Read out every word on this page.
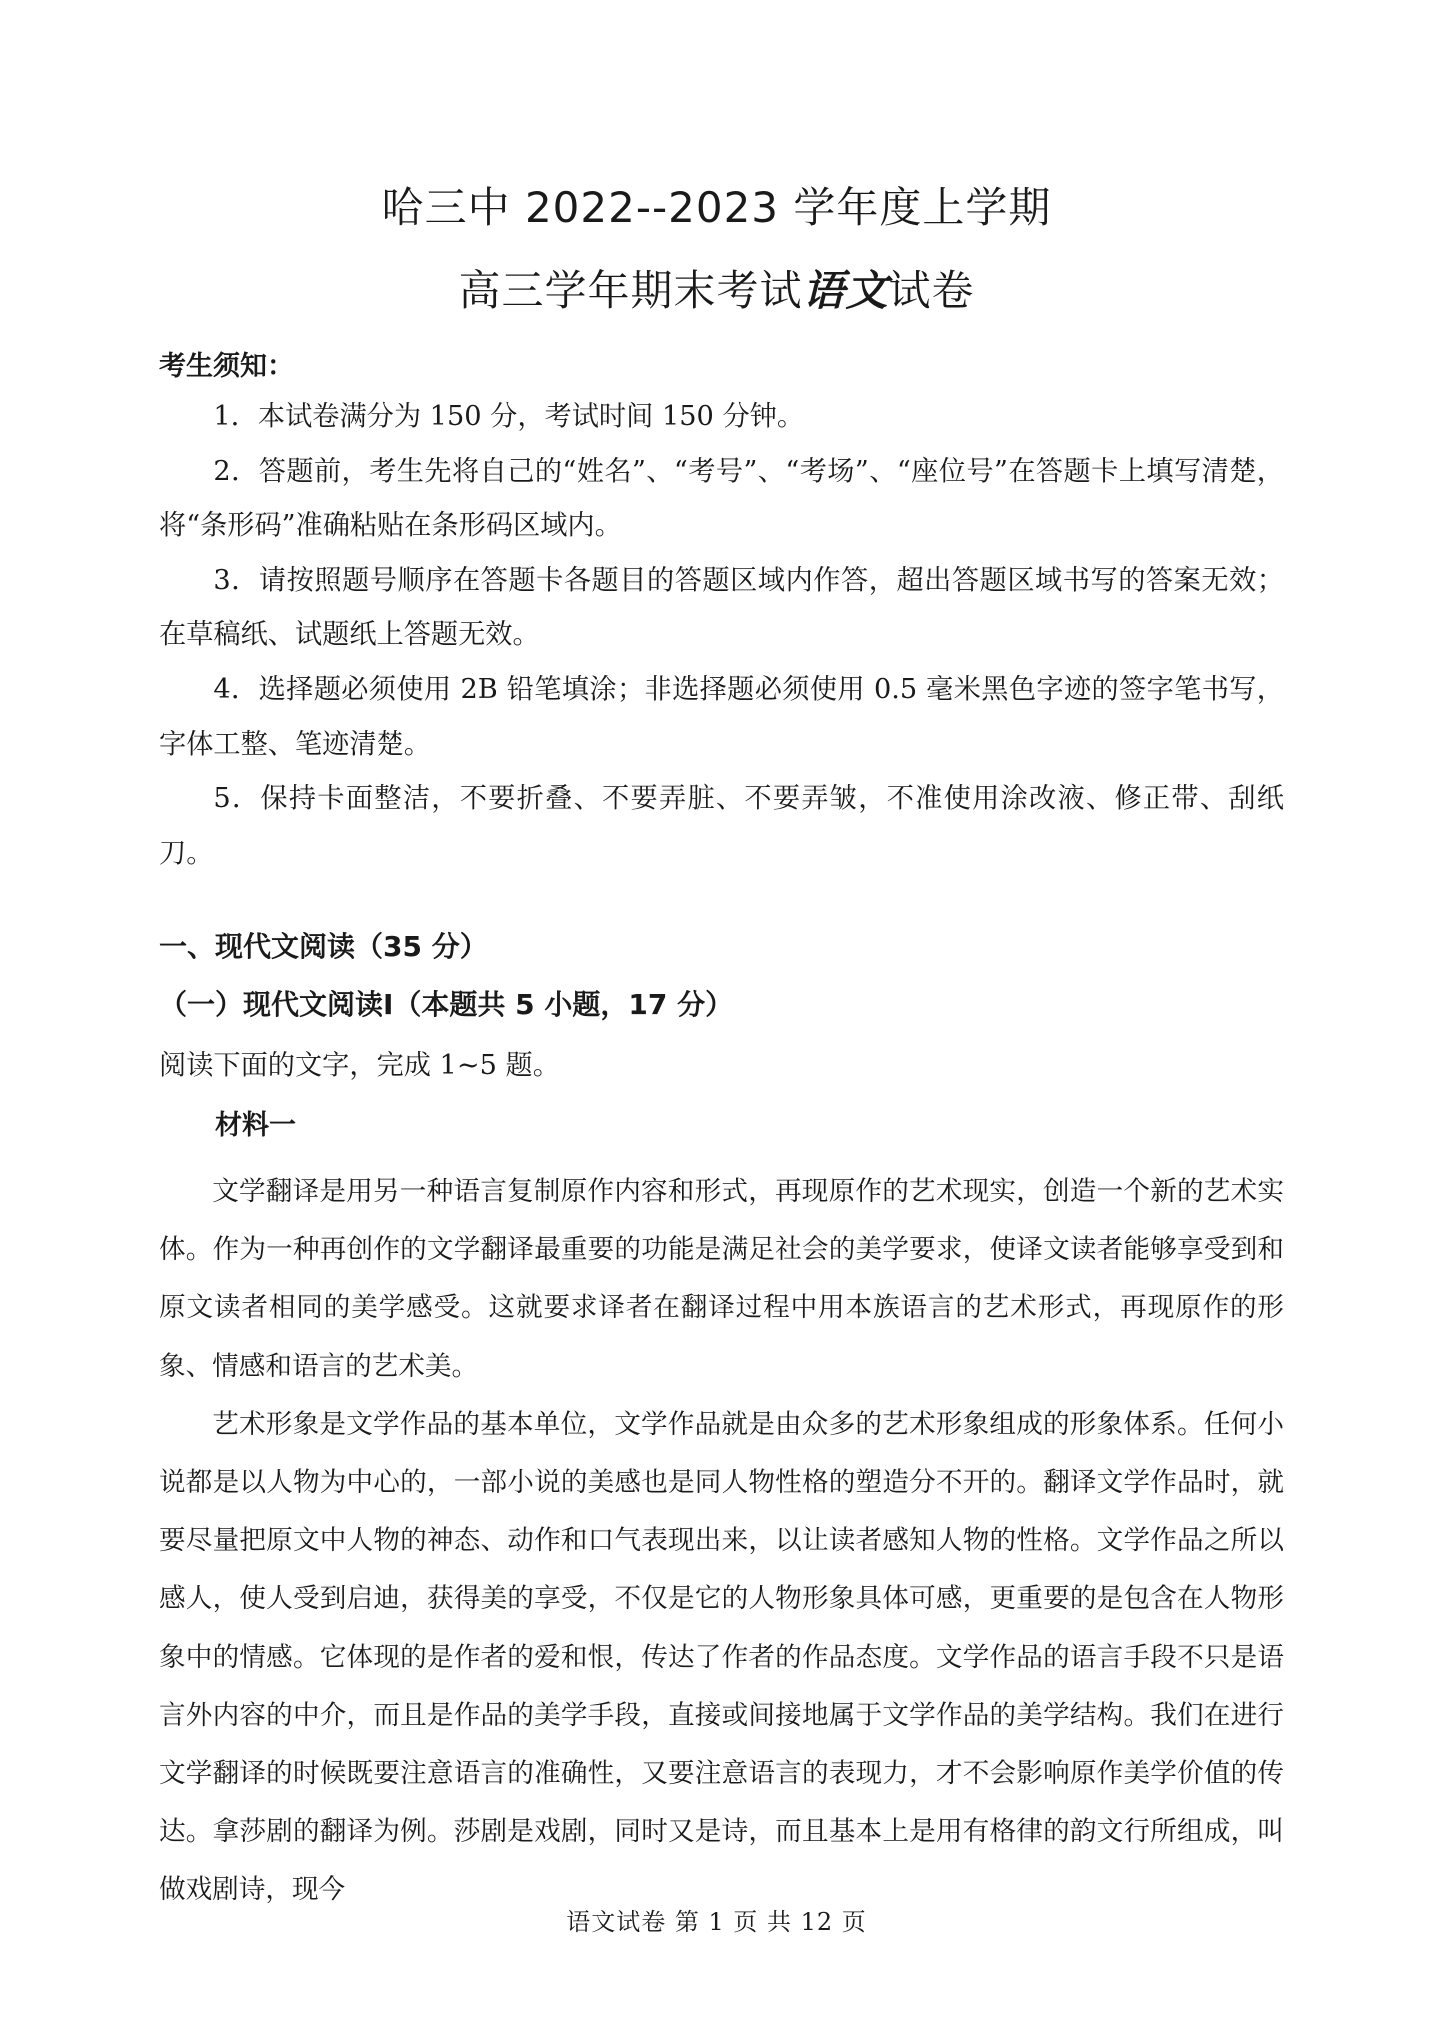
哈三中 2022--2023 学年度上学期
高三学年期末考试语文试卷
考生须知：

1．本试卷满分为 150 分，考试时间 150 分钟。

2．答题前，考生先将自己的“姓名”、“考号”、“考场”、“座位号”在答题卡上填写清楚，将“条形码”准确粘贴在条形码区域内。

3．请按照题号顺序在答题卡各题目的答题区域内作答，超出答题区域书写的答案无效；在草稿纸、试题纸上答题无效。

4．选择题必须使用 2B 铅笔填涂；非选择题必须使用 0.5 毫米黑色字迹的签字笔书写，字体工整、笔迹清楚。

5．保持卡面整洁，不要折叠、不要弄脏、不要弄皱，不准使用涂改液、修正带、刮纸刀。

一、现代文阅读（35 分）
（一）现代文阅读Ⅰ（本题共 5 小题，17 分）
阅读下面的文字，完成 1~5 题。
材料一

文学翻译是用另一种语言复制原作内容和形式，再现原作的艺术现实，创造一个新的艺术实体。作为一种再创作的文学翻译最重要的功能是满足社会的美学要求，使译文读者能够享受到和原文读者相同的美学感受。这就要求译者在翻译过程中用本族语言的艺术形式，再现原作的形象、情感和语言的艺术美。

艺术形象是文学作品的基本单位，文学作品就是由众多的艺术形象组成的形象体系。任何小说都是以人物为中心的，一部小说的美感也是同人物性格的塑造分不开的。翻译文学作品时，就要尽量把原文中人物的神态、动作和口气表现出来，以让读者感知人物的性格。文学作品之所以感人，使人受到启迪，获得美的享受，不仅是它的人物形象具体可感，更重要的是包含在人物形象中的情感。它体现的是作者的爱和恨，传达了作者的作品态度。文学作品的语言手段不只是语言外内容的中介，而且是作品的美学手段，直接或间接地属于文学作品的美学结构。我们在进行文学翻译的时候既要注意语言的准确性，又要注意语言的表现力，才不会影响原作美学价值的传达。拿莎剧的翻译为例。莎剧是戏剧，同时又是诗，而且基本上是用有格律的韵文行所组成，叫做戏剧诗，现今

语文试卷 第 1 页 共 12 页
